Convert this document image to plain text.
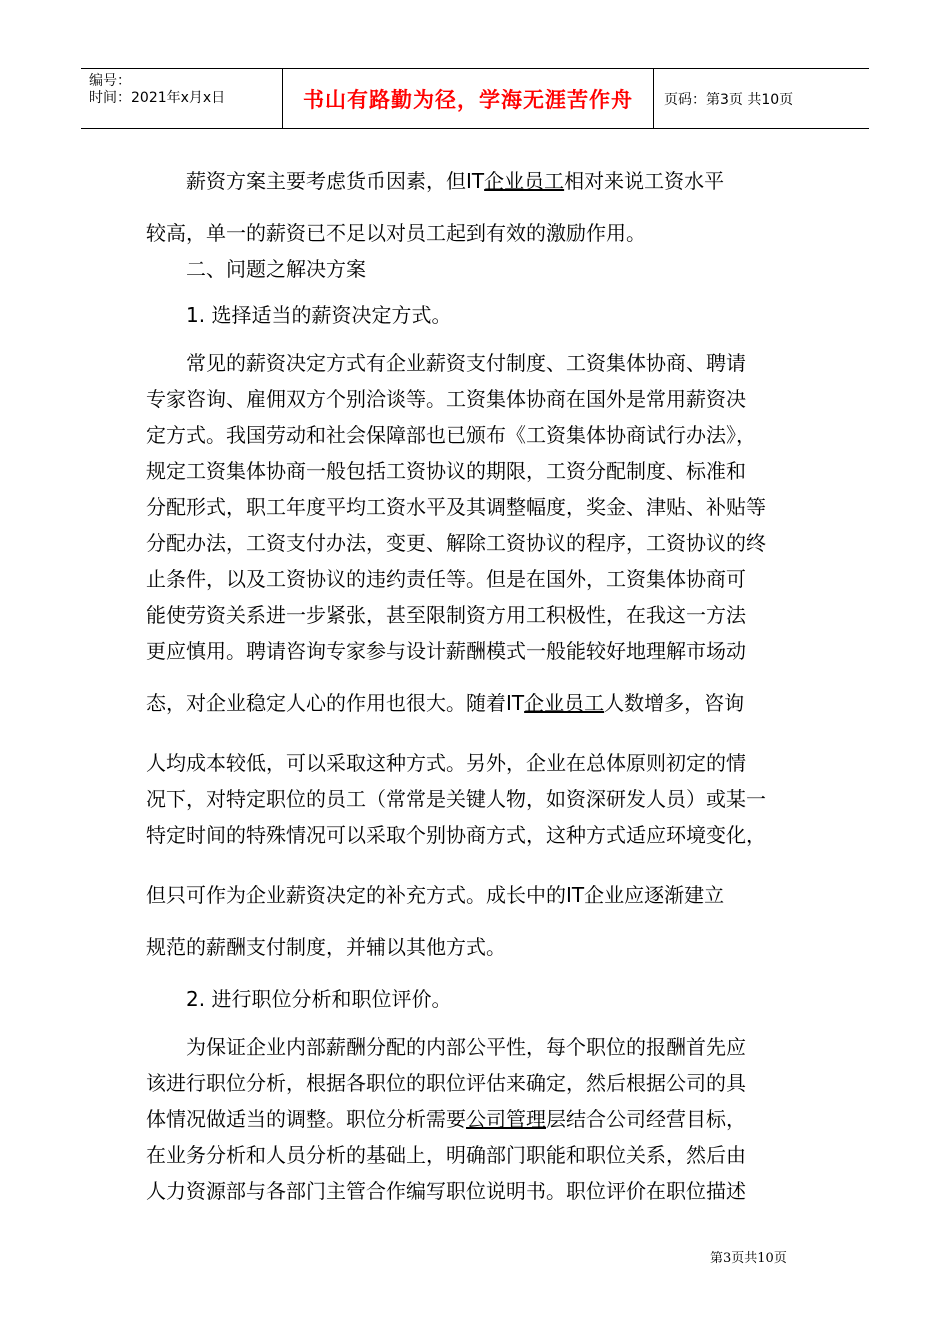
编号：
时间：2021年x月x日	书山有路勤为径，学海无涯苦作舟	页码：第3页 共10页
　　薪资方案主要考虑货币因素，但IT企业员工相对来说工资水平
较高，单一的薪资已不足以对员工起到有效的激励作用。
　　二、问题之解决方案
　　1. 选择适当的薪资决定方式。
　　常见的薪资决定方式有企业薪资支付制度、工资集体协商、聘请
专家咨询、雇佣双方个别洽谈等。工资集体协商在国外是常用薪资决
定方式。我国劳动和社会保障部也已颁布《工资集体协商试行办法》，
规定工资集体协商一般包括工资协议的期限，工资分配制度、标准和
分配形式，职工年度平均工资水平及其调整幅度，奖金、津贴、补贴等
分配办法，工资支付办法，变更、解除工资协议的程序，工资协议的终
止条件，以及工资协议的违约责任等。但是在国外，工资集体协商可
能使劳资关系进一步紧张，甚至限制资方用工积极性，在我这一方法
更应慎用。聘请咨询专家参与设计薪酬模式一般能较好地理解市场动
态，对企业稳定人心的作用也很大。随着IT企业员工人数增多，咨询
人均成本较低，可以采取这种方式。另外，企业在总体原则初定的情
况下，对特定职位的员工（常常是关键人物，如资深研发人员）或某一
特定时间的特殊情况可以采取个别协商方式，这种方式适应环境变化，
但只可作为企业薪资决定的补充方式。成长中的IT企业应逐渐建立
规范的薪酬支付制度，并辅以其他方式。
　　2. 进行职位分析和职位评价。
　　为保证企业内部薪酬分配的内部公平性，每个职位的报酬首先应
该进行职位分析，根据各职位的职位评估来确定，然后根据公司的具
体情况做适当的调整。职位分析需要公司管理层结合公司经营目标，
在业务分析和人员分析的基础上，明确部门职能和职位关系，然后由
人力资源部与各部门主管合作编写职位说明书。职位评价在职位描述
第3页共10页
